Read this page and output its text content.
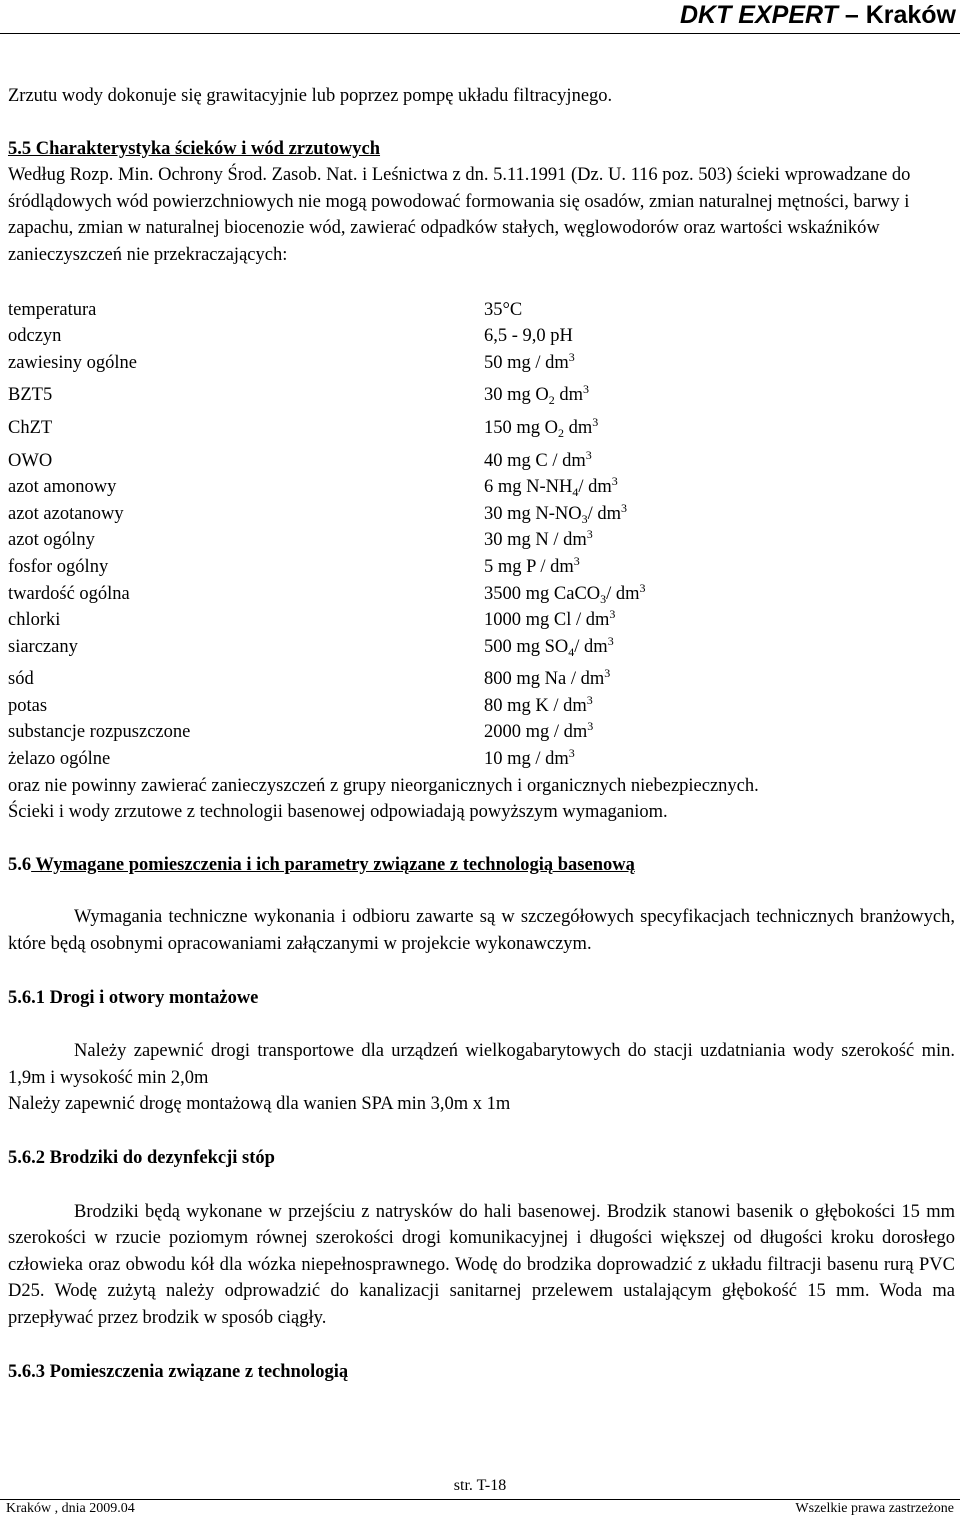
DKT EXPERT – Kraków

Zrzutu wody dokonuje się grawitacyjnie lub poprzez pompę układu filtracyjnego.

5.5 Charakterystyka ścieków i wód zrzutowych

Według Rozp. Min. Ochrony Środ. Zasob. Nat. i Leśnictwa z dn. 5.11.1991 (Dz. U. 116 poz. 503) ścieki wprowadzane do śródlądowych wód powierzchniowych nie mogą powodować formowania się osadów, zmian naturalnej mętności, barwy i zapachu, zmian w naturalnej biocenozie wód, zawierać odpadków stałych, węglowodorów oraz wartości wskaźników zanieczyszczeń nie przekraczających:

temperatura	35°C
odczyn	6,5 - 9,0 pH
zawiesiny ogólne	50 mg / $dm^3$
BZT5	30 mg $O_2$ $dm^3$
ChZT	150 mg $O_2$ $dm^3$
OWO	40 mg C / $dm^3$
azot amonowy	6 mg $N-NH_4/$ $dm^3$
azot azotanowy	30 mg $N-NO_3/$ $dm^3$
azot ogólny	30 mg N / $dm^3$
fosfor ogólny	5 mg P / $dm^3$
twardość ogólna	3500 mg CaCO$_3$/ $dm^3$
chlorki	1000 mg Cl / $dm^3$
siarczany	500 mg $SO_4/$ $dm^3$
sód	800 mg Na / $dm^3$
potas	80 mg K / $dm^3$
substancje rozpuszczone	2000 mg / $dm^3$
żelazo ogólne	10 mg / $dm^3$

oraz nie powinny zawierać zanieczyszczeń z grupy nieorganicznych i organicznych niebezpiecznych.

Ścieki i wody zrzutowe z technologii basenowej odpowiadają powyższym wymaganiom.

5.6 Wymagane pomieszczenia i ich parametry związane z technologią basenową

Wymagania techniczne wykonania i odbioru zawarte są w szczegółowych specyfikacjach technicznych branżowych, które będą osobnymi opracowaniami załączanymi w projekcie wykonawczym.

5.6.1 Drogi i otwory montażowe

Należy zapewnić drogi transportowe dla urządzeń wielkogabarytowych do stacji uzdatniania wody szerokość min. 1,9m i wysokość min 2,0m

Należy zapewnić drogę montażową dla wanien SPA min 3,0m x 1m

5.6.2 Brodziki do dezynfekcji stóp

Brodziki będą wykonane w przejściu z natrysków do hali basenowej. Brodzik stanowi basenik o głębokości 15 mm szerokości w rzucie poziomym równej szerokości drogi komunikacyjnej i długości większej od długości kroku dorosłego człowieka oraz obwodu kół dla wózka niepełnosprawnego. Wodę do brodzika doprowadzić z układu filtracji basenu rurą PVC D25. Wodę zużytą należy odprowadzić do kanalizacji sanitarnej przelewem ustalającym głębokość 15 mm. Woda ma przepływać przez brodzik w sposób ciągły.

5.6.3 Pomieszczenia związane z technologią

str. T-18
Kraków , dnia 2009.04	Wszelkie prawa zastrzeżone
